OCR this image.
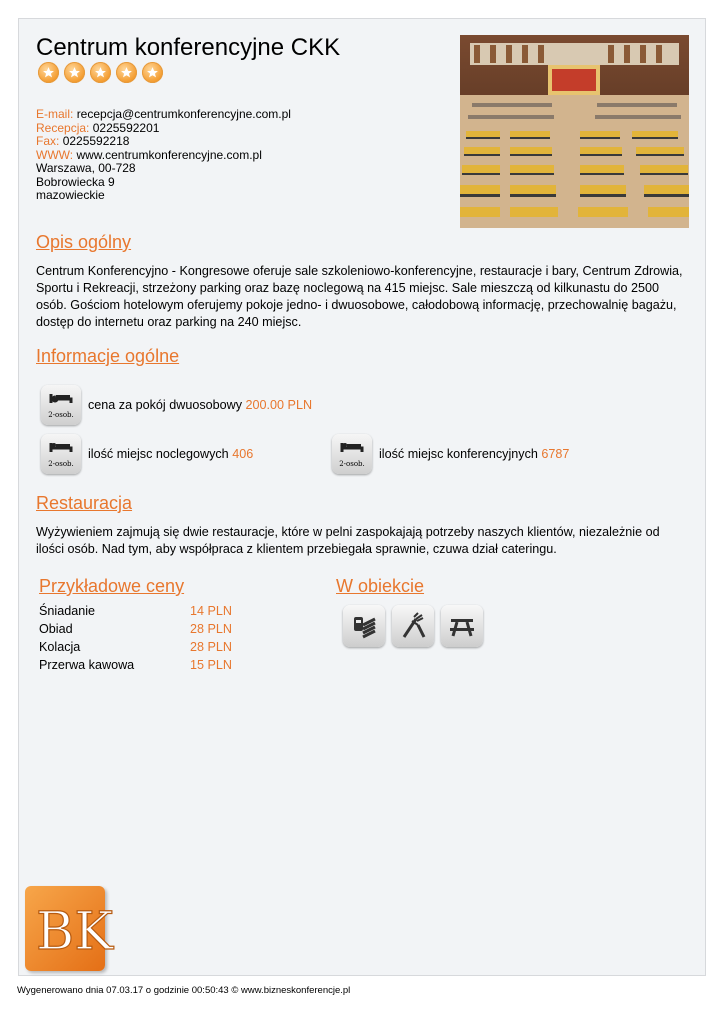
Centrum konferencyjne CKK
E-mail: recepcja@centrumkonferencyjne.com.pl
Recepcja: 0225592201
Fax: 0225592218
WWW: www.centrumkonferencyjne.com.pl
Warszawa, 00-728
Bobrowiecka 9
mazowieckie
Opis ogólny

Centrum Konferencyjno - Kongresowe oferuje sale szkoleniowo-konferencyjne, restauracje i bary, Centrum Zdrowia, Sportu i Rekreacji, strzeżony parking oraz bazę noclegową na 415 miejsc. Sale mieszczą od kilkunastu do 2500 osób. Gościom hotelowym oferujemy pokoje jedno- i dwuosobowe, całodobową informację, przechowalnię bagażu, dostęp do internetu oraz parking na 240 miejsc.

Informacje ogólne
2-osob.
cena za pokój dwuosobowy
200.00 PLN
2-osob.
ilość miejsc noclegowych
406
2-osob.
ilość miejsc konferencyjnych
6787
Restauracja

Wyżywieniem zajmują się dwie restauracje, które w pelni zaspokajają potrzeby naszych klientów, niezależnie od ilości osób. Nad tym, aby współpraca z klientem przebiegała sprawnie, czuwa dział cateringu.

Przykładowe ceny
Śniadanie	14 PLN
Obiad	28 PLN
Kolacja	28 PLN
Przerwa kawowa	15 PLN
W obiekcie
BK
Wygenerowano dnia 07.03.17 o godzinie 00:50:43 © www.bizneskonferencje.pl
